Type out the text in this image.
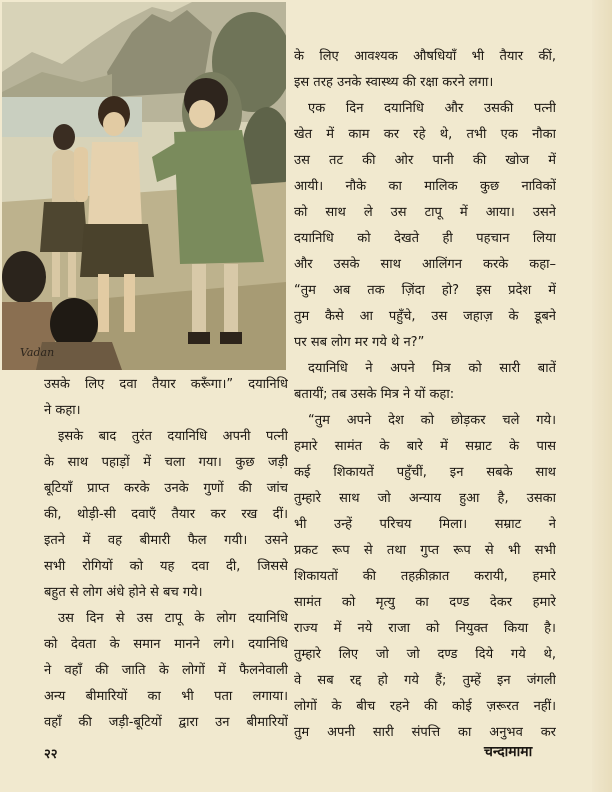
Vadan
के लिए आवश्यक औषधियाँ भी तैयार कीं,
इस तरह उनके स्वास्थ्य की रक्षा करने लगा।
एक दिन दयानिधि और उसकी पत्नी
खेत में काम कर रहे थे, तभी एक नौका
उस तट की ओर पानी की खोज में
आयी। नौके का मालिक कुछ नाविकों
को साथ ले उस टापू में आया। उसने
दयानिधि को देखते ही पहचान लिया
और उसके साथ आलिंगन करके कहा–
“तुम अब तक ज़िंदा हो? इस प्रदेश में
तुम कैसे आ पहुँचे, उस जहाज़ के डूबने
पर सब लोग मर गये थे न?”
दयानिधि ने अपने मित्र को सारी बातें
बतायीं; तब उसके मित्र ने यों कहा:
“तुम अपने देश को छोड़कर चले गये।
हमारे सामंत के बारे में सम्राट के पास
कई शिकायतें पहुँचीं, इन सबके साथ
तुम्हारे साथ जो अन्याय हुआ है, उसका
भी उन्हें परिचय मिला। सम्राट ने
प्रकट रूप से तथा गुप्त रूप से भी सभी
शिकायतों की तहक़ीक़ात करायी, हमारे
सामंत को मृत्यु का दण्ड देकर हमारे
राज्य में नये राजा को नियुक्त किया है।
तुम्हारे लिए जो जो दण्ड दिये गये थे,
वे सब रद्द हो गये हैं; तुम्हें इन जंगली
लोगों के बीच रहने की कोई ज़रूरत नहीं।
तुम अपनी सारी संपत्ति का अनुभव कर
उसके लिए दवा तैयार करूँगा।” दयानिधि
ने कहा।
इसके बाद तुरंत दयानिधि अपनी पत्नी
के साथ पहाड़ों में चला गया। कुछ जड़ी
बूटियाँ प्राप्त करके उनके गुणों की जांच
की, थोड़ी-सी दवाएँ तैयार कर रख दीं।
इतने में वह बीमारी फैल गयी। उसने
सभी रोगियों को यह दवा दी, जिससे
बहुत से लोग अंधे होने से बच गये।
उस दिन से उस टापू के लोग दयानिधि
को देवता के समान मानने लगे। दयानिधि
ने वहाँ की जाति के लोगों में फैलनेवाली
अन्य बीमारियों का भी पता लगाया।
वहाँ की जड़ी-बूटियों द्वारा उन बीमारियों
२२	चन्दामामा
